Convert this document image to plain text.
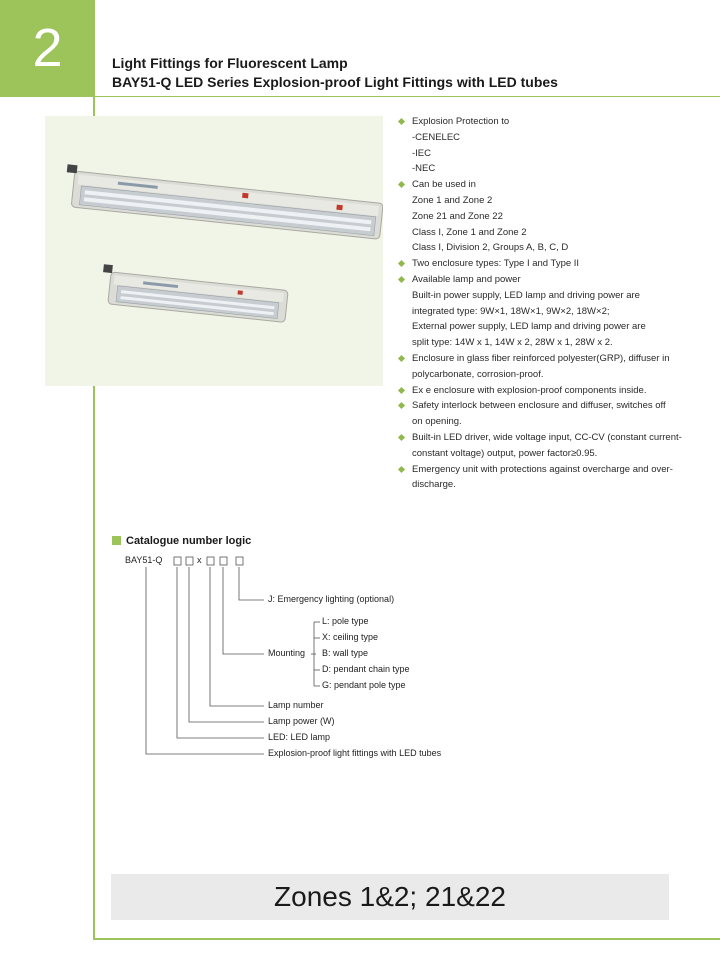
2	Light Fittings for Fluorescent Lamp
BAY51-Q LED Series Explosion-proof Light Fittings with LED tubes
Explosion Protection to
-CENELEC
-IEC
-NEC
Can be used in
Zone 1 and Zone 2
Zone 21 and Zone 22
Class I, Zone 1 and Zone 2
Class I, Division 2, Groups A, B, C, D
Two enclosure types: Type I and Type II
Available lamp and power
Built-in power supply, LED lamp and driving power are
integrated type: 9W×1, 18W×1, 9W×2, 18W×2;
External power supply, LED lamp and driving power are
split type: 14W x 1, 14W x 2, 28W x 1, 28W x 2.
Enclosure in glass fiber reinforced polyester(GRP), diffuser in
polycarbonate, corrosion-proof.
Ex e enclosure with explosion-proof components inside.
Safety interlock between enclosure and diffuser, switches off
on opening.
Built-in LED driver, wide voltage input, CC-CV (constant current-
constant voltage) output, power factor≥0.95.
Emergency unit with protections against overcharge and over-
discharge.
Catalogue number logic
BAY51-Q	x
J: Emergency lighting (optional)
Mounting
L: pole type
X: ceiling type
B: wall type
D: pendant chain type
G: pendant pole type
Lamp number
Lamp power (W)
LED: LED lamp
Explosion-proof light fittings with LED tubes
Zones 1&2; 21&22
